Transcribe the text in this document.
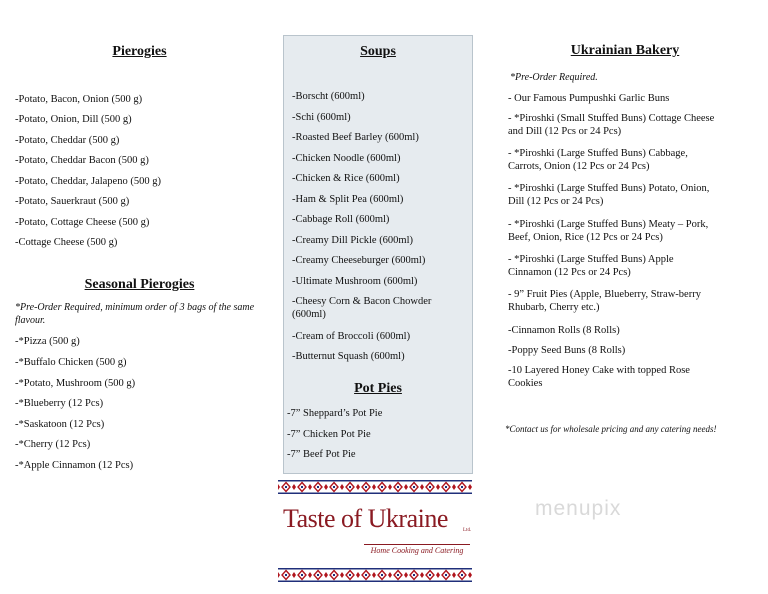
Pierogies
-Potato, Bacon, Onion (500 g)
-Potato, Onion, Dill (500 g)
-Potato, Cheddar (500 g)
-Potato, Cheddar Bacon (500 g)
-Potato, Cheddar, Jalapeno (500 g)
-Potato, Sauerkraut (500 g)
-Potato, Cottage Cheese (500 g)
-Cottage Cheese (500 g)
Seasonal Pierogies
*Pre-Order Required, minimum order of 3 bags of the same flavour.
-*Pizza (500 g)
-*Buffalo Chicken (500 g)
-*Potato, Mushroom (500 g)
-*Blueberry (12 Pcs)
-*Saskatoon (12 Pcs)
-*Cherry (12 Pcs)
-*Apple Cinnamon (12 Pcs)
Soups
-Borscht (600ml)
-Schi (600ml)
-Roasted Beef Barley (600ml)
-Chicken Noodle (600ml)
-Chicken & Rice (600ml)
-Ham & Split Pea (600ml)
-Cabbage Roll (600ml)
-Creamy Dill Pickle (600ml)
-Creamy Cheeseburger (600ml)
-Ultimate Mushroom (600ml)
-Cheesy Corn & Bacon Chowder (600ml)
-Cream of Broccoli (600ml)
-Butternut Squash (600ml)
Pot Pies
-7” Sheppard’s Pot Pie
-7” Chicken Pot Pie
-7” Beef Pot Pie
Ukrainian Bakery
*Pre-Order Required.
- Our Famous Pumpushki Garlic Buns
- *Piroshki (Small Stuffed Buns) Cottage Cheese and Dill (12 Pcs or 24 Pcs)
- *Piroshki (Large Stuffed Buns) Cabbage, Carrots, Onion (12 Pcs or 24 Pcs)
- *Piroshki (Large Stuffed Buns) Potato, Onion, Dill (12 Pcs or 24 Pcs)
- *Piroshki (Large Stuffed Buns) Meaty – Pork, Beef, Onion, Rice (12 Pcs or 24 Pcs)
- *Piroshki (Large Stuffed Buns) Apple Cinnamon (12 Pcs or 24 Pcs)
- 9” Fruit Pies (Apple, Blueberry, Straw-berry Rhubarb, Cherry etc.)
-Cinnamon Rolls (8 Rolls)
-Poppy Seed Buns (8 Rolls)
-10 Layered Honey Cake with topped Rose Cookies
*Contact us for wholesale pricing and any catering needs!
Taste of Ukraine	Ltd.
Home Cooking and Catering
menupix
